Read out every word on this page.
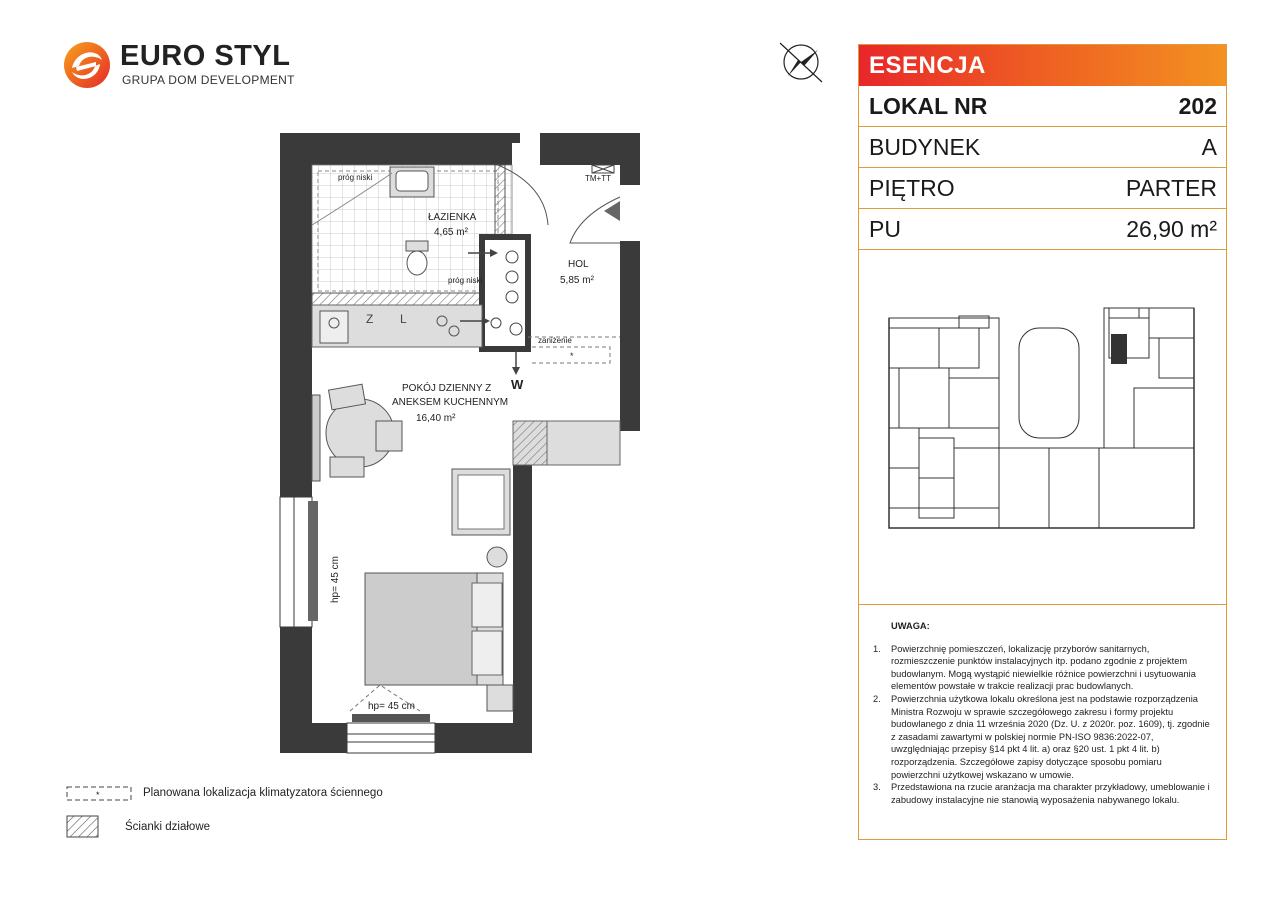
EURO STYL
GRUPA DOM DEVELOPMENT
próg niski
próg niski
ŁAZIENKA
4,65 m²
HOL
5,85 m²
TM+TT
zaniżenie
*
W
Z L
POKÓJ DZIENNY Z
ANEKSEM KUCHENNYM
16,40 m²
hp= 45 cm
hp= 45 cm
*	Planowana lokalizacja klimatyzatora ściennego
Ścianki działowe
ESENCJA
LOKAL NR	202
BUDYNEK	A
PIĘTRO	PARTER
PU	26,90 m²
UWAGA:
1. Powierzchnię pomieszczeń, lokalizację przyborów sanitarnych, rozmieszczenie punktów instalacyjnych itp. podano zgodnie z projektem budowlanym. Mogą wystąpić niewielkie różnice powierzchni i usytuowania elementów powstałe w trakcie realizacji prac budowlanych.
2. Powierzchnia użytkowa lokalu określona jest na podstawie rozporządzenia Ministra Rozwoju w sprawie szczegółowego zakresu i formy projektu budowlanego z dnia 11 września 2020 (Dz. U. z 2020r. poz. 1609), tj. zgodnie z zasadami zawartymi w polskiej normie PN-ISO 9836:2022-07, uwzględniając przepisy §14 pkt 4 lit. a) oraz §20 ust. 1 pkt 4 lit. b) rozporządzenia. Szczegółowe zapisy dotyczące sposobu pomiaru powierzchni użytkowej wskazano w umowie.
3. Przedstawiona na rzucie aranżacja ma charakter przykładowy, umeblowanie i zabudowy instalacyjne nie stanowią wyposażenia nabywanego lokalu.
